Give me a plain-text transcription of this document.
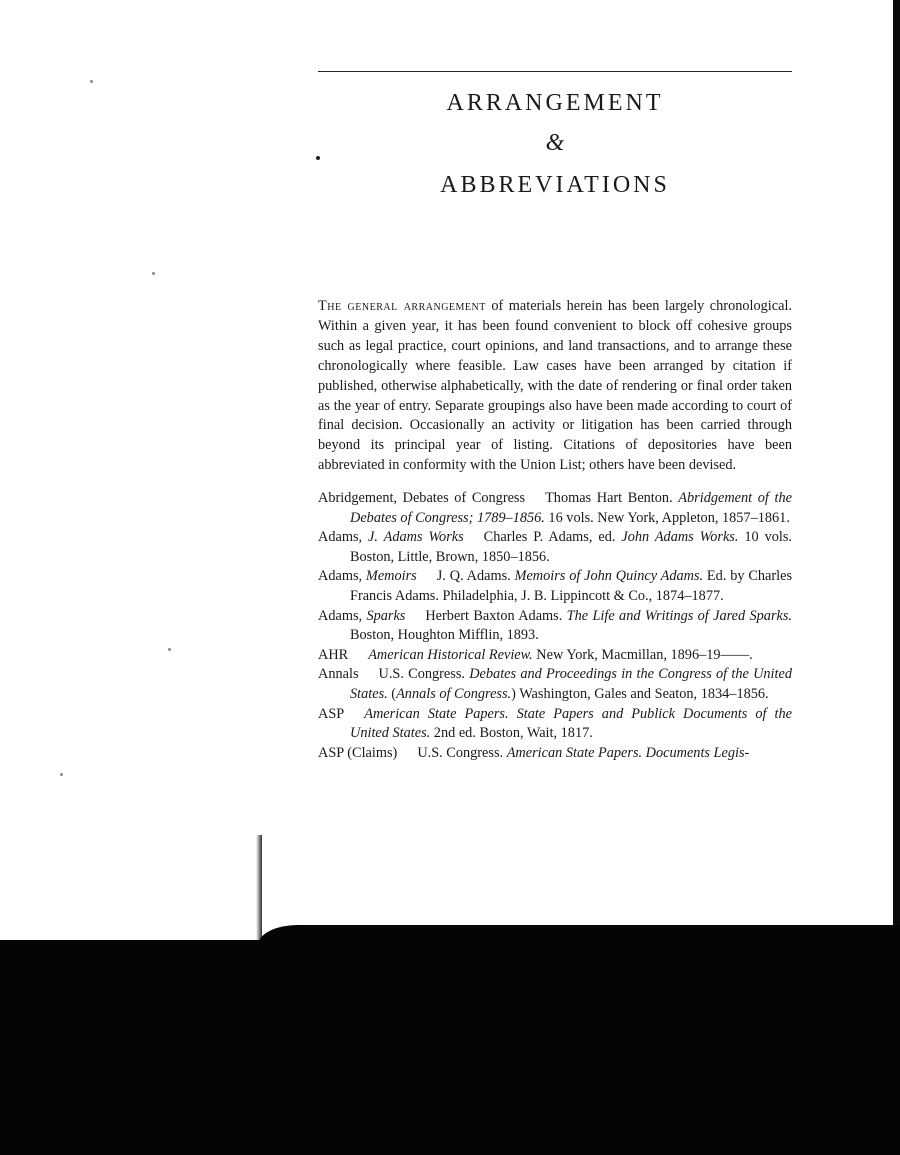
ARRANGEMENT
&
ABBREVIATIONS

The general arrangement of materials herein has been largely chronological. Within a given year, it has been found convenient to block off cohesive groups such as legal practice, court opinions, and land transactions, and to arrange these chronologically where feasible. Law cases have been arranged by citation if published, otherwise alphabetically, with the date of rendering or final order taken as the year of entry. Separate groupings also have been made according to court of final decision. Occasionally an activity or litigation has been carried through beyond its principal year of listing. Citations of depositories have been abbreviated in conformity with the Union List; others have been devised.

Abridgement, Debates of Congress Thomas Hart Benton. Abridgement of the Debates of Congress; 1789–1856. 16 vols. New York, Appleton, 1857–1861.
Adams, J. Adams Works Charles P. Adams, ed. John Adams Works. 10 vols. Boston, Little, Brown, 1850–1856.
Adams, Memoirs J. Q. Adams. Memoirs of John Quincy Adams. Ed. by Charles Francis Adams. Philadelphia, J. B. Lippincott & Co., 1874–1877.
Adams, Sparks Herbert Baxton Adams. The Life and Writings of Jared Sparks. Boston, Houghton Mifflin, 1893.
AHR American Historical Review. New York, Macmillan, 1896–19——.
Annals U.S. Congress. Debates and Proceedings in the Congress of the United States. (Annals of Congress.) Washington, Gales and Seaton, 1834–1856.
ASP American State Papers. State Papers and Publick Documents of the United States. 2nd ed. Boston, Wait, 1817.
ASP (Claims) U.S. Congress. American State Papers. Documents Legis-
